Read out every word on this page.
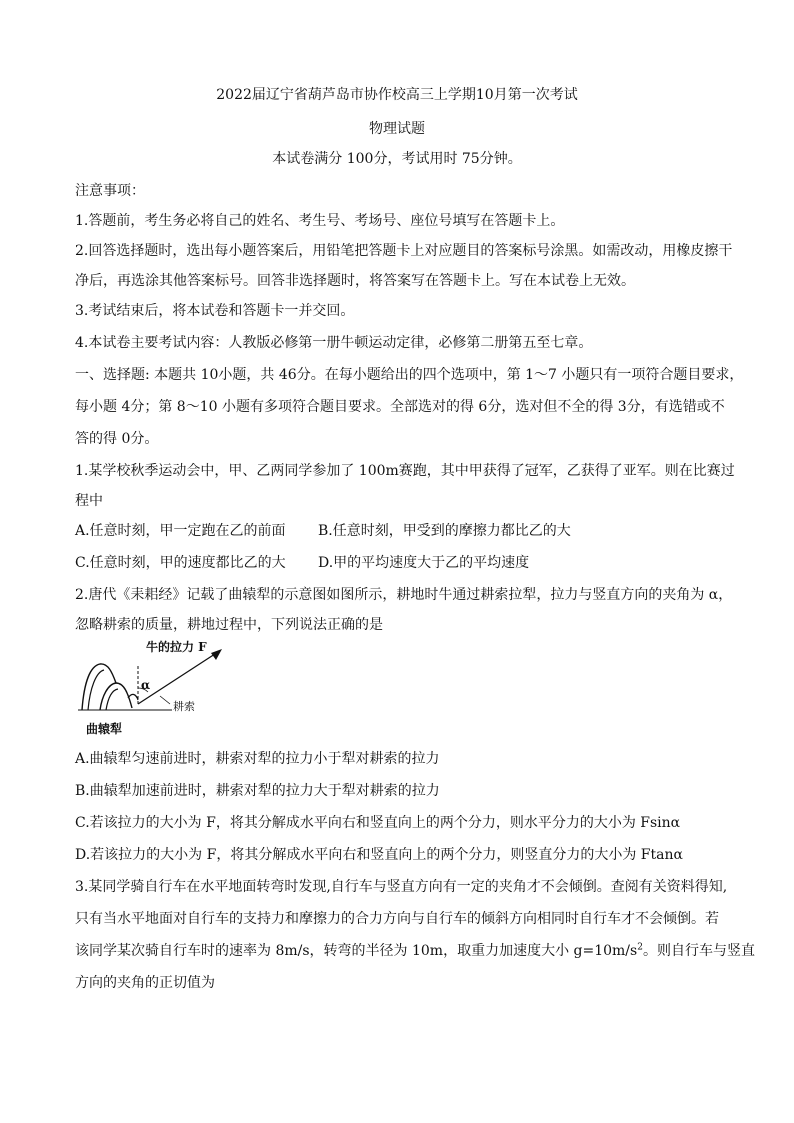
2022届辽宁省葫芦岛市协作校高三上学期10月第一次考试
物理试题
本试卷满分 100分，考试用时 75分钟。
注意事项：
1.答题前，考生务必将自己的姓名、考生号、考场号、座位号填写在答题卡上。
2.回答选择题时，选出每小题答案后，用铅笔把答题卡上对应题目的答案标号涂黑。如需改动，用橡皮擦干
净后，再选涂其他答案标号。回答非选择题时，将答案写在答题卡上。写在本试卷上无效。
3.考试结束后，将本试卷和答题卡一并交回。
4.本试卷主要考试内容：人教版必修第一册牛顿运动定律，必修第二册第五至七章。
一、选择题: 本题共 10小题，共 46分。在每小题给出的四个选项中，第 1～7 小题只有一项符合题目要求，
每小题 4分；第 8～10 小题有多项符合题目要求。全部选对的得 6分，选对但不全的得 3分，有选错或不
答的得 0分。
1.某学校秋季运动会中，甲、乙两同学参加了 100m赛跑，其中甲获得了冠军，乙获得了亚军。则在比赛过
程中
A.任意时刻，甲一定跑在乙的前面 B.任意时刻，甲受到的摩擦力都比乙的大
C.任意时刻，甲的速度都比乙的大 D.甲的平均速度大于乙的平均速度
2.唐代《耒耜经》记载了曲辕犁的示意图如图所示，耕地时牛通过耕索拉犁，拉力与竖直方向的夹角为 α，
忽略耕索的质量，耕地过程中，下列说法正确的是
牛的拉力 F
α
耕索
曲辕犁
A.曲辕犁匀速前进时，耕索对犁的拉力小于犁对耕索的拉力
B.曲辕犁加速前进时，耕索对犁的拉力大于犁对耕索的拉力
C.若该拉力的大小为 F，将其分解成水平向右和竖直向上的两个分力，则水平分力的大小为 Fsinα
D.若该拉力的大小为 F，将其分解成水平向右和竖直向上的两个分力，则竖直分力的大小为 Ftanα
3.某同学骑自行车在水平地面转弯时发现,自行车与竖直方向有一定的夹角才不会倾倒。查阅有关资料得知,
只有当水平地面对自行车的支持力和摩擦力的合力方向与自行车的倾斜方向相同时自行车才不会倾倒。若
该同学某次骑自行车时的速率为 8m/s，转弯的半径为 10m，取重力加速度大小 $g=10m/s^2$。则自行车与竖直
方向的夹角的正切值为
